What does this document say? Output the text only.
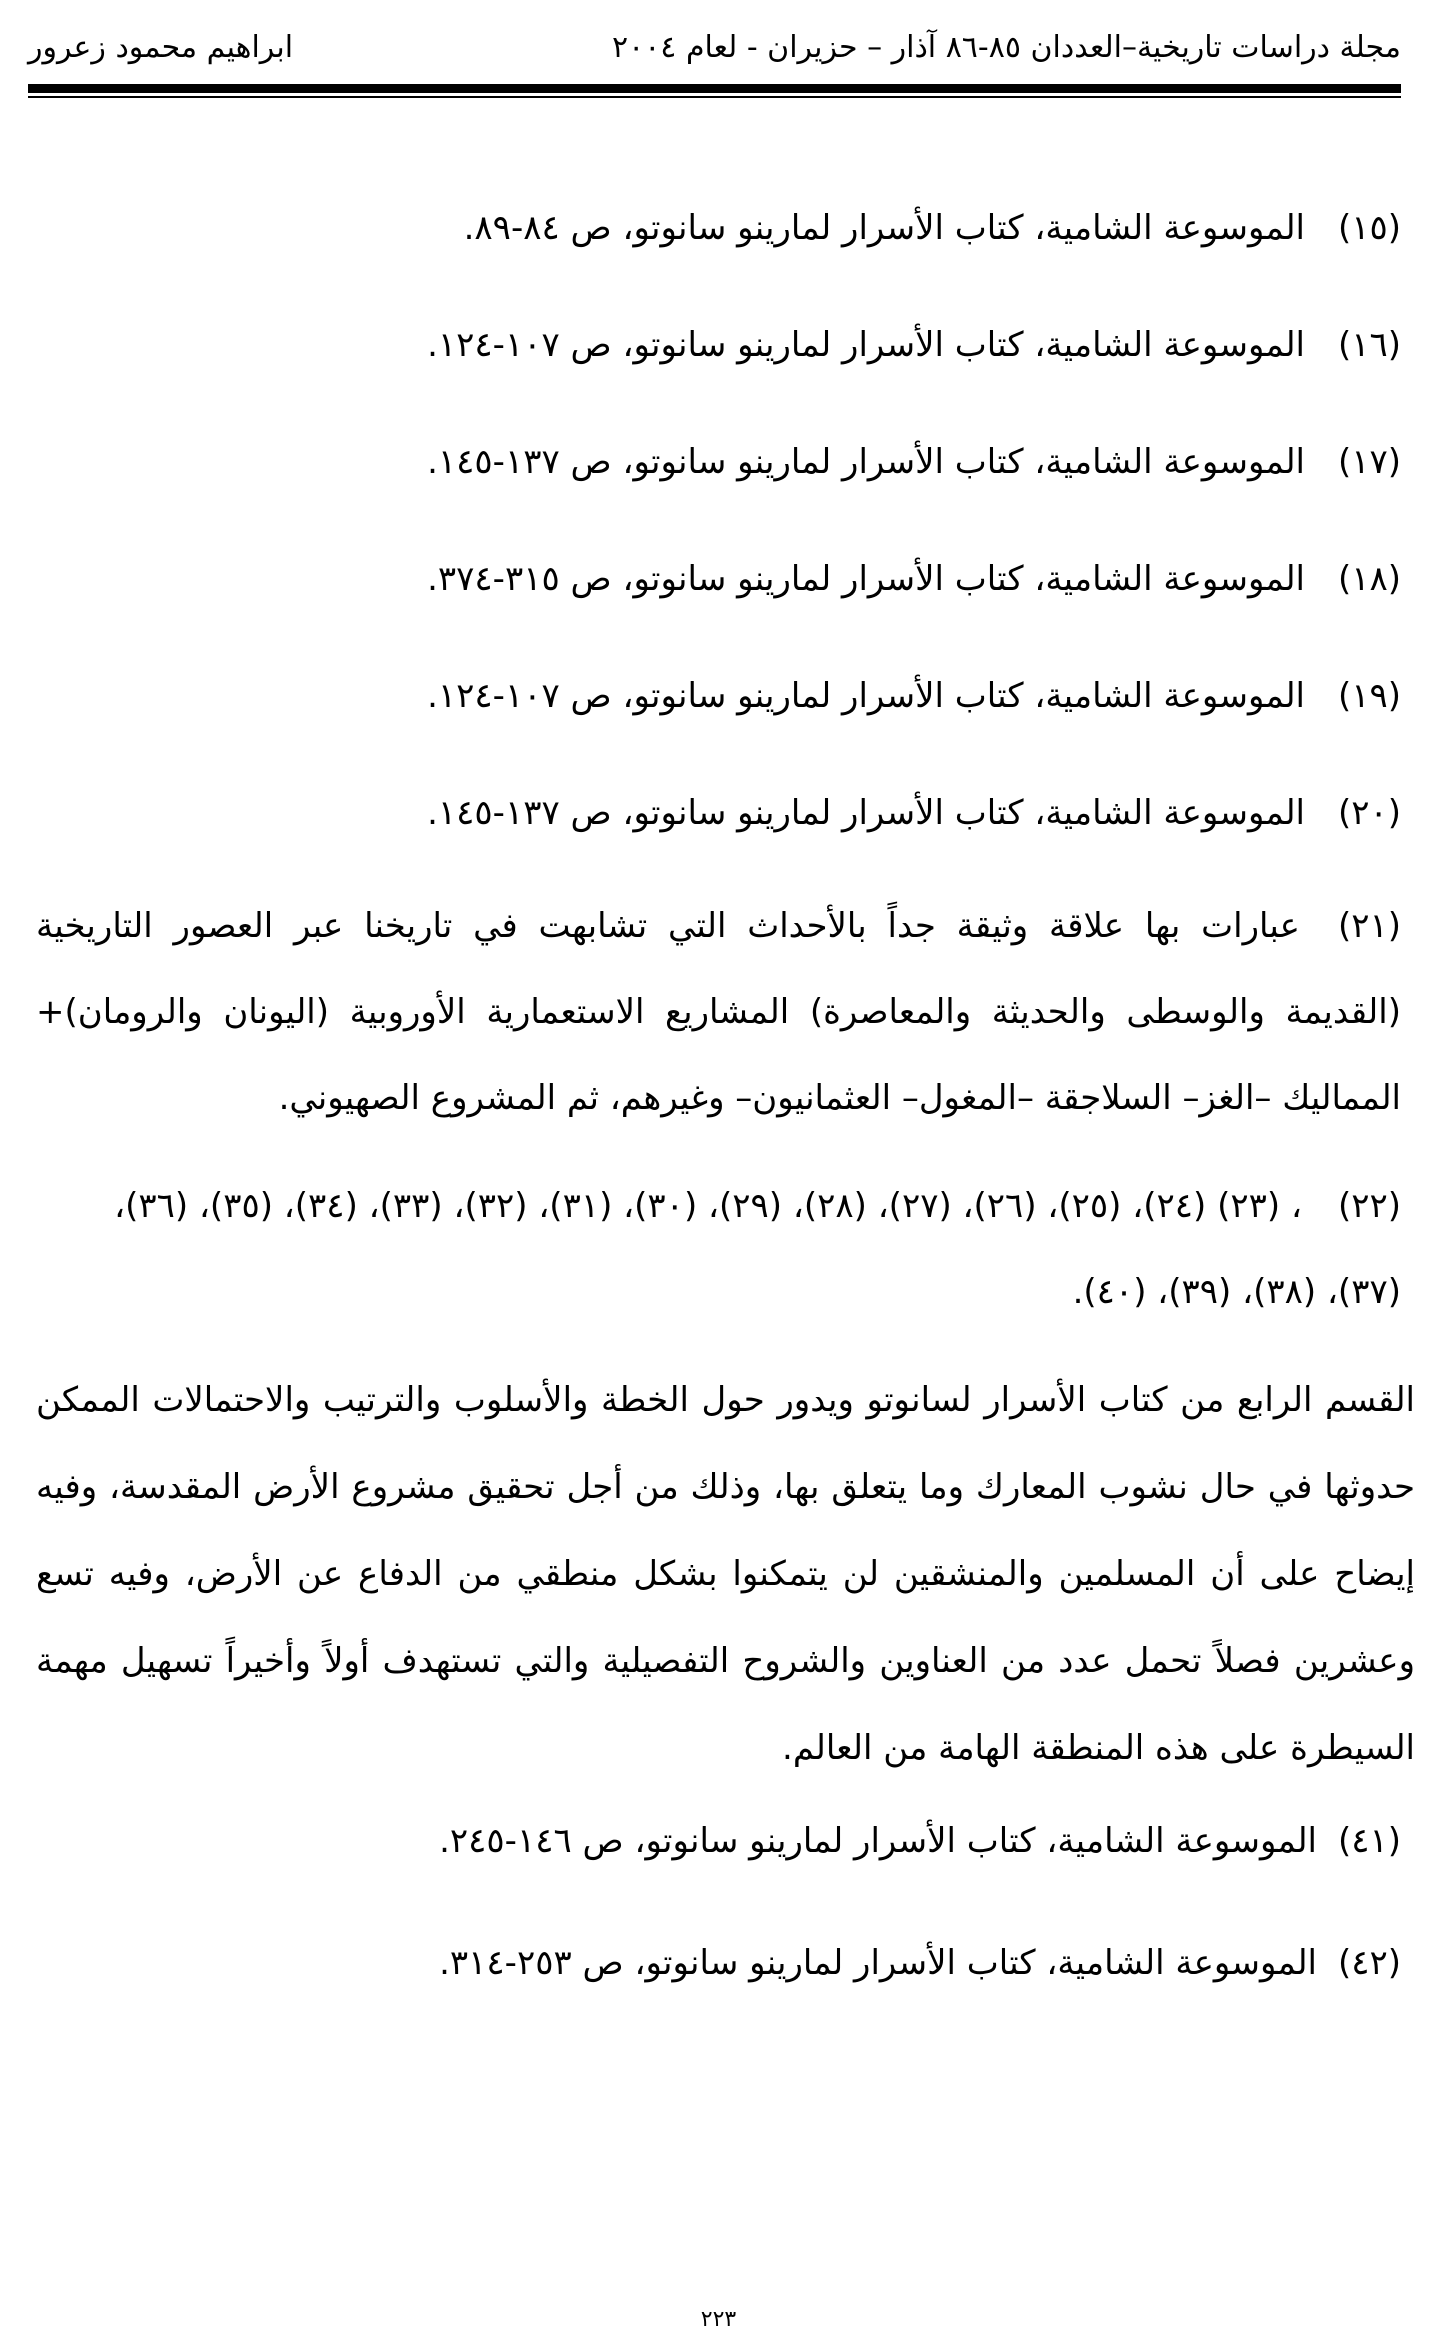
مجلة دراسات تاريخية–العددان ٨٥-٨٦ آذار – حزيران - لعام ٢٠٠٤
ابراهيم محمود زعرور
(١٥)
الموسوعة الشامية، كتاب الأسرار لمارينو سانوتو، ص ٨٤-٨٩.
(١٦)
الموسوعة الشامية، كتاب الأسرار لمارينو سانوتو، ص ١٠٧-١٢٤.
(١٧)
الموسوعة الشامية، كتاب الأسرار لمارينو سانوتو، ص ١٣٧-١٤٥.
(١٨)
الموسوعة الشامية، كتاب الأسرار لمارينو سانوتو، ص ٣١٥-٣٧٤.
(١٩)
الموسوعة الشامية، كتاب الأسرار لمارينو سانوتو، ص ١٠٧-١٢٤.
(٢٠)
الموسوعة الشامية، كتاب الأسرار لمارينو سانوتو، ص ١٣٧-١٤٥.
(٢١)عبارات بها علاقة وثيقة جداً بالأحداث التي تشابهت في تاريخنا عبر العصور التاريخية (القديمة والوسطى والحديثة والمعاصرة) المشاريع الاستعمارية الأوروبية (اليونان والرومان)+ المماليك –الغز– السلاجقة –المغول– العثمانيون– وغيرهم، ثم المشروع الصهيوني.
(٢٢)، (٢٣) (٢٤)، (٢٥)، (٢٦)، (٢٧)، (٢٨)، (٢٩)، (٣٠)، (٣١)، (٣٢)، (٣٣)، (٣٤)، (٣٥)، (٣٦)، (٣٧)، (٣٨)، (٣٩)، (٤٠).

القسم الرابع من كتاب الأسرار لسانوتو ويدور حول الخطة والأسلوب والترتيب والاحتمالات الممكن حدوثها في حال نشوب المعارك وما يتعلق بها، وذلك من أجل تحقيق مشروع الأرض المقدسة، وفيه إيضاح على أن المسلمين والمنشقين لن يتمكنوا بشكل منطقي من الدفاع عن الأرض، وفيه تسع وعشرين فصلاً تحمل عدد من العناوين والشروح التفصيلية والتي تستهدف أولاً وأخيراً تسهيل مهمة السيطرة على هذه المنطقة الهامة من العالم.

(٤١)
الموسوعة الشامية، كتاب الأسرار لمارينو سانوتو، ص ١٤٦-٢٤٥.
(٤٢)
الموسوعة الشامية، كتاب الأسرار لمارينو سانوتو، ص ٢٥٣-٣١٤.
٢٢٣
